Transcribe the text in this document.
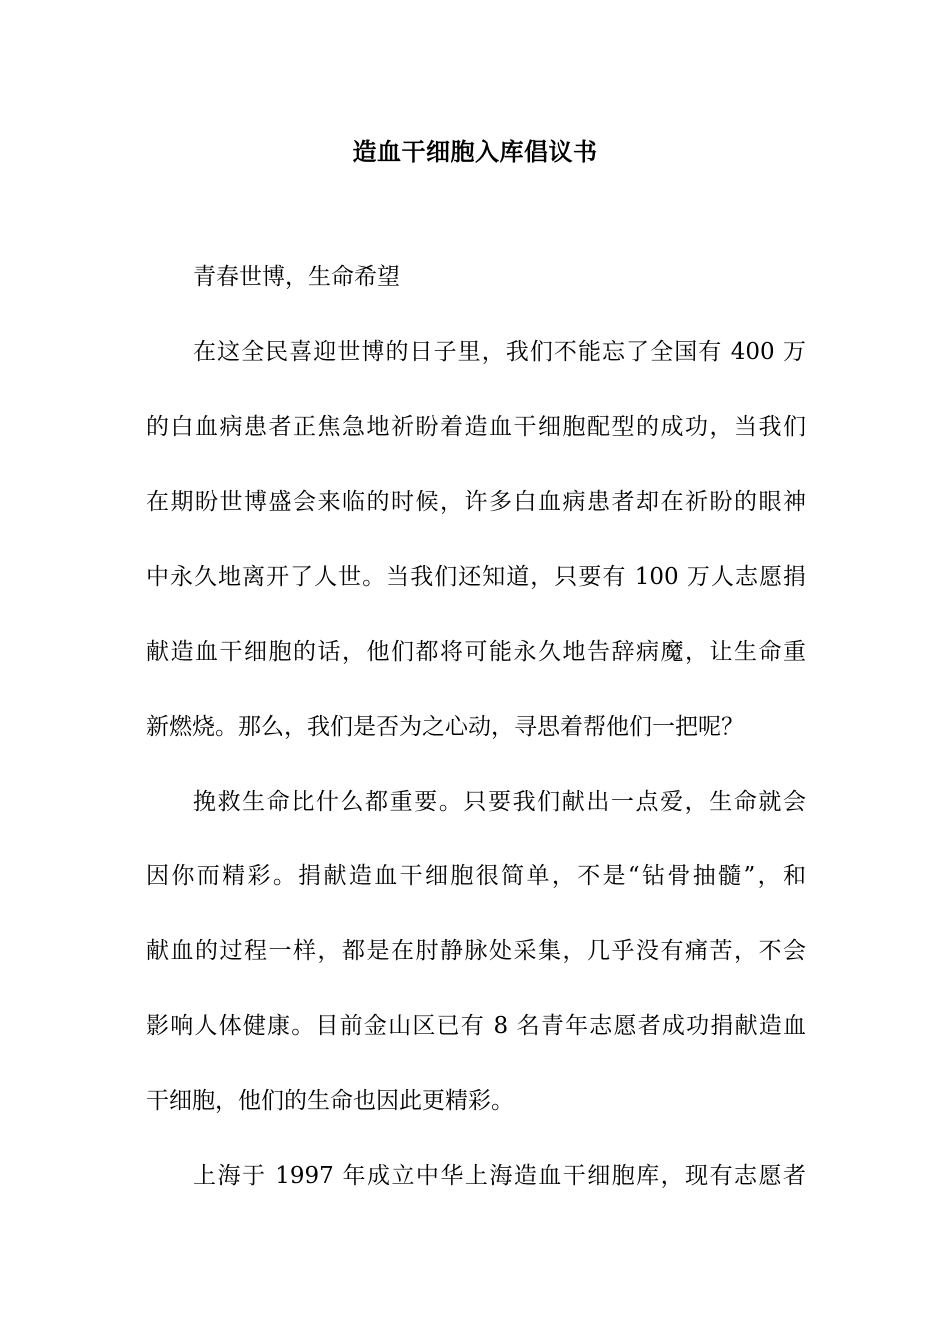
造血干细胞入库倡议书
青春世博，生命希望
在这全民喜迎世博的日子里，我们不能忘了全国有 400 万
的白血病患者正焦急地祈盼着造血干细胞配型的成功，当我们
在期盼世博盛会来临的时候，许多白血病患者却在祈盼的眼神
中永久地离开了人世。当我们还知道，只要有 100 万人志愿捐
献造血干细胞的话，他们都将可能永久地告辞病魔，让生命重
新燃烧。那么，我们是否为之心动，寻思着帮他们一把呢？
挽救生命比什么都重要。只要我们献出一点爱，生命就会
因你而精彩。捐献造血干细胞很简单，不是“钻骨抽髓”，和
献血的过程一样，都是在肘静脉处采集，几乎没有痛苦，不会
影响人体健康。目前金山区已有 8 名青年志愿者成功捐献造血
干细胞，他们的生命也因此更精彩。
上海于 1997 年成立中华上海造血干细胞库，现有志愿者
